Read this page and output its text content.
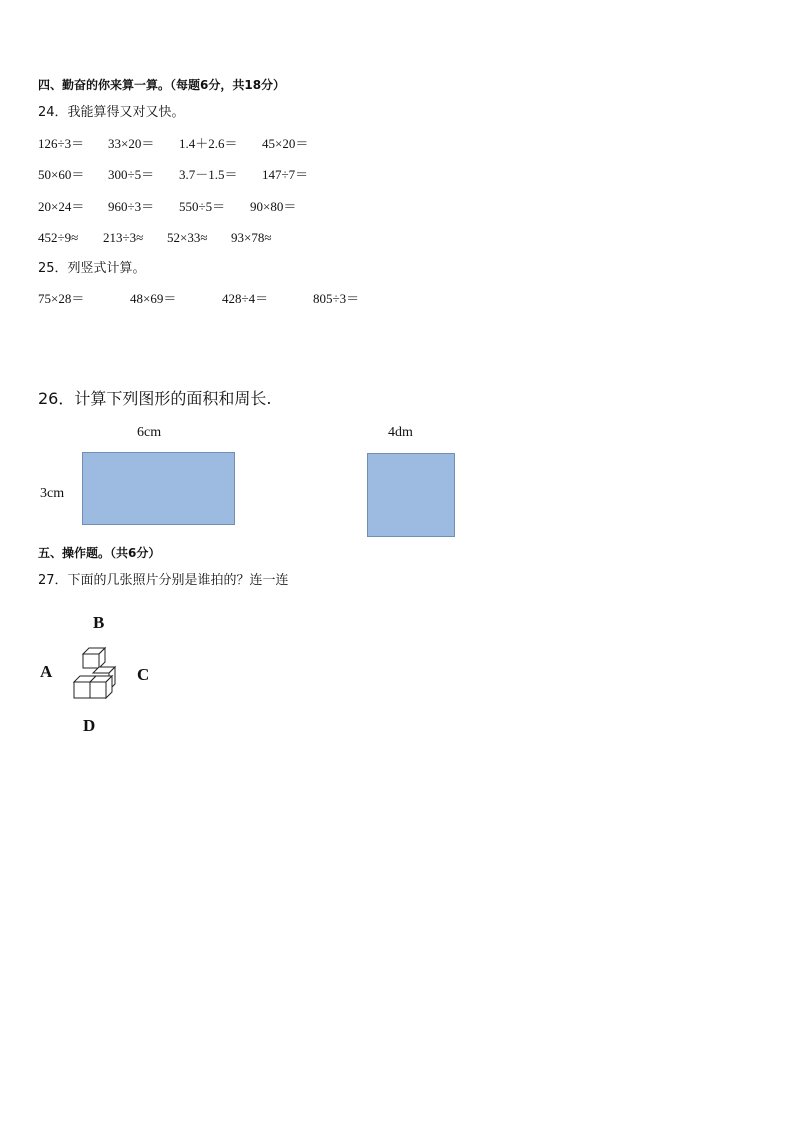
四、勤奋的你来算一算。（每题6分，共18分）
24．我能算得又对又快。
126÷3＝ 33×20＝ 1.4＋2.6＝ 45×20＝
50×60＝ 300÷5＝ 3.7－1.5＝ 147÷7＝
20×24＝ 960÷3＝ 550÷5＝ 90×80＝
452÷9≈ 213÷3≈ 52×33≈ 93×78≈
25．列竖式计算。
75×28＝	48×69＝	428÷4＝	805÷3＝
26．计算下列图形的面积和周长.
6cm
3cm
4dm
五、操作题。（共6分）
27．下面的几张照片分别是谁拍的？连一连
B
A	C
D
